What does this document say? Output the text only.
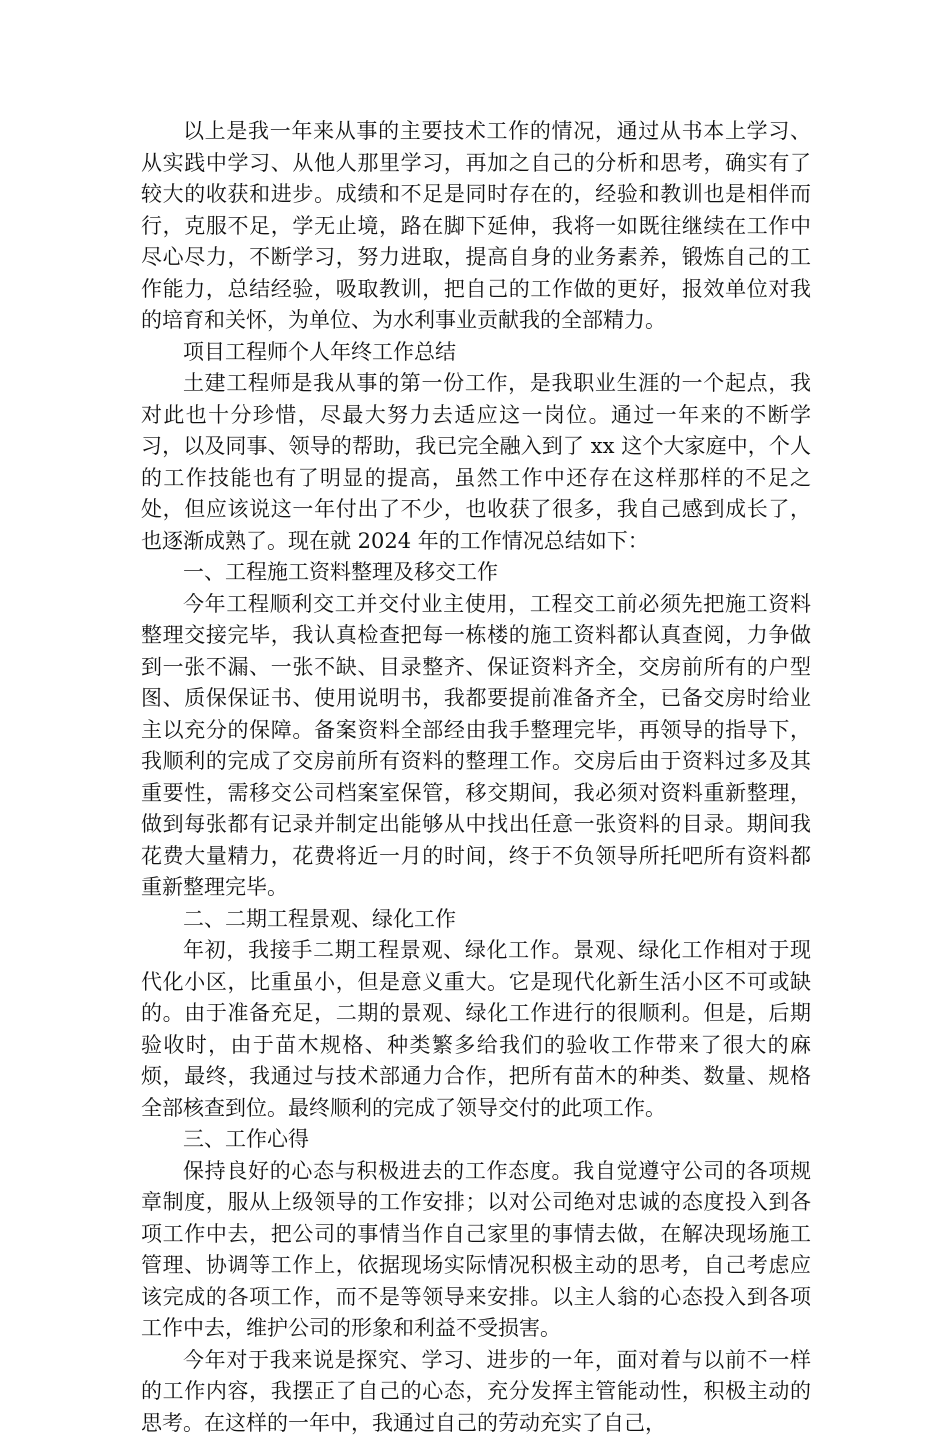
以上是我一年来从事的主要技术工作的情况，通过从书本上学习、从实践中学习、从他人那里学习，再加之自己的分析和思考，确实有了较大的收获和进步。成绩和不足是同时存在的，经验和教训也是相伴而行，克服不足，学无止境，路在脚下延伸，我将一如既往继续在工作中尽心尽力，不断学习，努力进取，提高自身的业务素养，锻炼自己的工作能力，总结经验，吸取教训，把自己的工作做的更好，报效单位对我的培育和关怀，为单位、为水利事业贡献我的全部精力。

项目工程师个人年终工作总结

土建工程师是我从事的第一份工作，是我职业生涯的一个起点，我对此也十分珍惜，尽最大努力去适应这一岗位。通过一年来的不断学习，以及同事、领导的帮助，我已完全融入到了 xx 这个大家庭中，个人的工作技能也有了明显的提高，虽然工作中还存在这样那样的不足之处，但应该说这一年付出了不少，也收获了很多，我自己感到成长了，也逐渐成熟了。现在就 2024 年的工作情况总结如下：

一、工程施工资料整理及移交工作

今年工程顺利交工并交付业主使用，工程交工前必须先把施工资料整理交接完毕，我认真检查把每一栋楼的施工资料都认真查阅，力争做到一张不漏、一张不缺、目录整齐、保证资料齐全，交房前所有的户型图、质保保证书、使用说明书，我都要提前准备齐全，已备交房时给业主以充分的保障。备案资料全部经由我手整理完毕，再领导的指导下，我顺利的完成了交房前所有资料的整理工作。交房后由于资料过多及其重要性，需移交公司档案室保管，移交期间，我必须对资料重新整理，做到每张都有记录并制定出能够从中找出任意一张资料的目录。期间我花费大量精力，花费将近一月的时间，终于不负领导所托吧所有资料都重新整理完毕。

二、二期工程景观、绿化工作

年初，我接手二期工程景观、绿化工作。景观、绿化工作相对于现代化小区，比重虽小，但是意义重大。它是现代化新生活小区不可或缺的。由于准备充足，二期的景观、绿化工作进行的很顺利。但是，后期验收时，由于苗木规格、种类繁多给我们的验收工作带来了很大的麻烦，最终，我通过与技术部通力合作，把所有苗木的种类、数量、规格全部核查到位。最终顺利的完成了领导交付的此项工作。

三、工作心得

保持良好的心态与积极进去的工作态度。我自觉遵守公司的各项规章制度，服从上级领导的工作安排；以对公司绝对忠诚的态度投入到各项工作中去，把公司的事情当作自己家里的事情去做，在解决现场施工管理、协调等工作上，依据现场实际情况积极主动的思考，自己考虑应该完成的各项工作，而不是等领导来安排。以主人翁的心态投入到各项工作中去，维护公司的形象和利益不受损害。

今年对于我来说是探究、学习、进步的一年，面对着与以前不一样的工作内容，我摆正了自己的心态，充分发挥主管能动性，积极主动的思考。在这样的一年中，我通过自己的劳动充实了自己，
